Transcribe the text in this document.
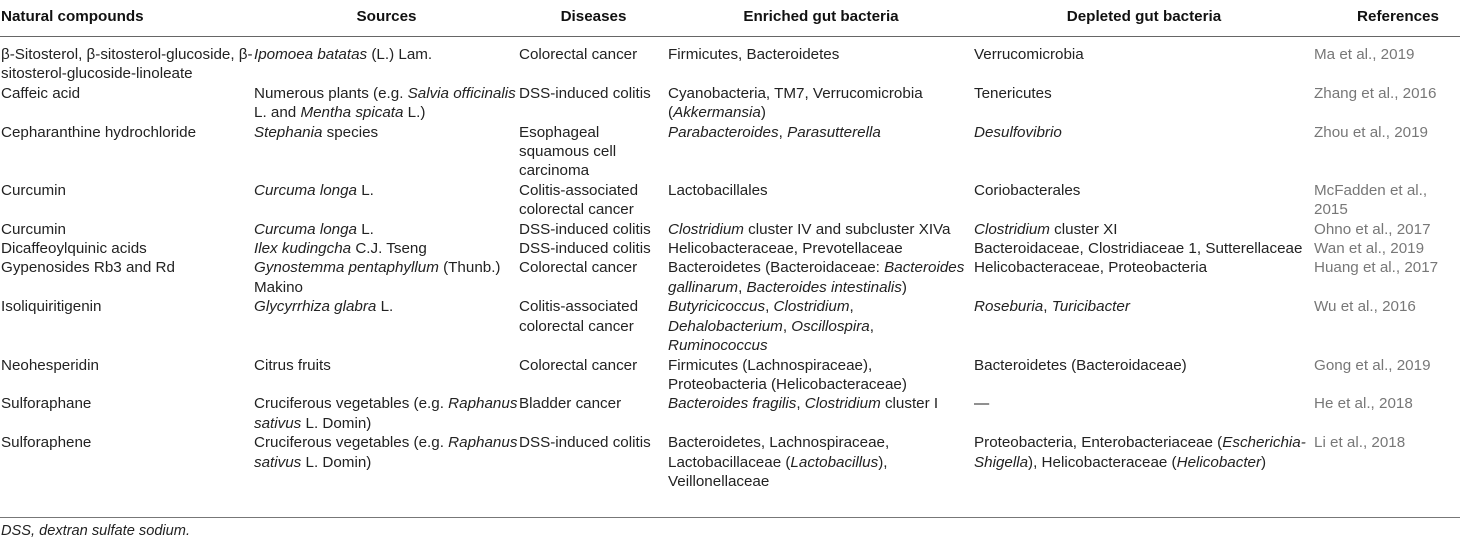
Natural compounds	Sources	Diseases	Enriched gut bacteria	Depleted gut bacteria	References
β-Sitosterol, β-sitosterol-glucoside, β-sitosterol-glucoside-linoleate	Ipomoea batatas (L.) Lam.	Colorectal cancer	Firmicutes, Bacteroidetes	Verrucomicrobia	Ma et al., 2019
Caffeic acid	Numerous plants (e.g. Salvia officinalis L. and Mentha spicata L.)	DSS-induced colitis	Cyanobacteria, TM7, Verrucomicrobia (Akkermansia)	Tenericutes	Zhang et al., 2016
Cepharanthine hydrochloride	Stephania species	Esophageal squamous cell carcinoma	Parabacteroides, Parasutterella	Desulfovibrio	Zhou et al., 2019
Curcumin	Curcuma longa L.	Colitis-associated colorectal cancer	Lactobacillales	Coriobacterales	McFadden et al., 2015
Curcumin	Curcuma longa L.	DSS-induced colitis	Clostridium cluster IV and subcluster XIVa	Clostridium cluster XI	Ohno et al., 2017
Dicaffeoylquinic acids	Ilex kudingcha C.J. Tseng	DSS-induced colitis	Helicobacteraceae, Prevotellaceae	Bacteroidaceae, Clostridiaceae 1, Sutterellaceae	Wan et al., 2019
Gypenosides Rb3 and Rd	Gynostemma pentaphyllum (Thunb.) Makino	Colorectal cancer	Bacteroidetes (Bacteroidaceae: Bacteroides gallinarum, Bacteroides intestinalis)	Helicobacteraceae, Proteobacteria	Huang et al., 2017
Isoliquiritigenin	Glycyrrhiza glabra L.	Colitis-associated colorectal cancer	Butyricicoccus, Clostridium, Dehalobacterium, Oscillospira, Ruminococcus	Roseburia, Turicibacter	Wu et al., 2016
Neohesperidin	Citrus fruits	Colorectal cancer	Firmicutes (Lachnospiraceae), Proteobacteria (Helicobacteraceae)	Bacteroidetes (Bacteroidaceae)	Gong et al., 2019
Sulforaphane	Cruciferous vegetables (e.g. Raphanus sativus L. Domin)	Bladder cancer	Bacteroides fragilis, Clostridium cluster I	—	He et al., 2018
Sulforaphene	Cruciferous vegetables (e.g. Raphanus sativus L. Domin)	DSS-induced colitis	Bacteroidetes, Lachnospiraceae, Lactobacillaceae (Lactobacillus), Veillonellaceae	Proteobacteria, Enterobacteriaceae (Escherichia-Shigella), Helicobacteraceae (Helicobacter)	Li et al., 2018
DSS, dextran sulfate sodium.
